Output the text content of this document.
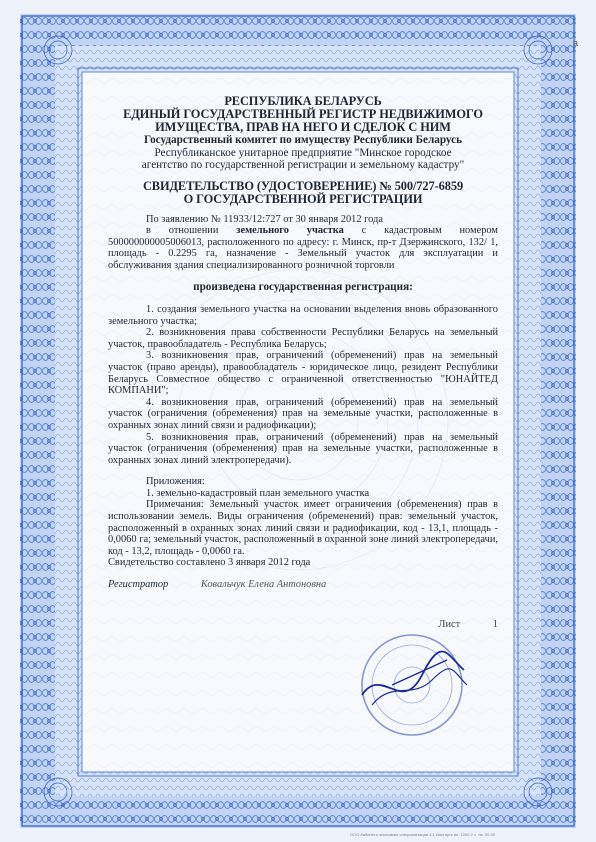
а
РЕСПУБЛИКА БЕЛАРУСЬ
ЕДИНЫЙ ГОСУДАРСТВЕННЫЙ РЕГИСТР НЕДВИЖИМОГО
ИМУЩЕСТВА, ПРАВ НА НЕГО И СДЕЛОК С НИМ
Государственный комитет по имуществу Республики Беларусь
Республиканское унитарное предприятие "Минское городское
агентство по государственной регистрации и земельному кадастру"
СВИДЕТЕЛЬСТВО (УДОСТОВЕРЕНИЕ) № 500/727-6859
О ГОСУДАРСТВЕННОЙ РЕГИСТРАЦИИ

По заявлению № 11933/12:727 от 30 января 2012 года

в отношении земельного участка с кадастровым номером 500000000005006013, расположенного по адресу: г. Минск, пр-т Дзержинского, 132/ 1, площадь - 0.2295 га, назначение - Земельный участок для эксплуатации и обслуживания здания специализированного розничной торговли

произведена государственная регистрация:

1. создания земельного участка на основании выделения вновь образованного земельного участка;

2. возникновения права собственности Республики Беларусь на земельный участок, правообладатель - Республика Беларусь;

3. возникновения прав, ограничений (обременений) прав на земельный участок (право аренды), правообладатель - юридическое лицо, резидент Республики Беларусь Совместное общество с ограниченной ответственностью "ЮНАЙТЕД КОМПАНИ";

4. возникновения прав, ограничений (обременений) прав на земельный участок (ограничения (обременения) прав на земельные участки, расположенные в охранных зонах линий связи и радиофикации);

5. возникновения прав, ограничений (обременений) прав на земельный участок (ограничения (обременения) прав на земельные участки, расположенные в охранных зонах линий электропередачи).

Приложения:

1. земельно-кадастровый план земельного участка

Примечания: Земельный участок имеет ограничения (обременения) прав в использовании земель. Виды ограничения (обременений) прав: земельный участок, расположенный в охранных зонах линий связи и радиофикации, код - 13,1, площадь - 0,0060 га; земельный участок, расположенный в охранной зоне линий электропередачи, код - 13,2, площадь - 0,0060 га.

Свидетельство составлено 3 января 2012 года

Регистратор	Ковальчук Елена Антоновна
Лист	1
ООО Кабинета экономики специализации 4.1 Инстиутс.ин. 1000 2 с. тм. 00-00
